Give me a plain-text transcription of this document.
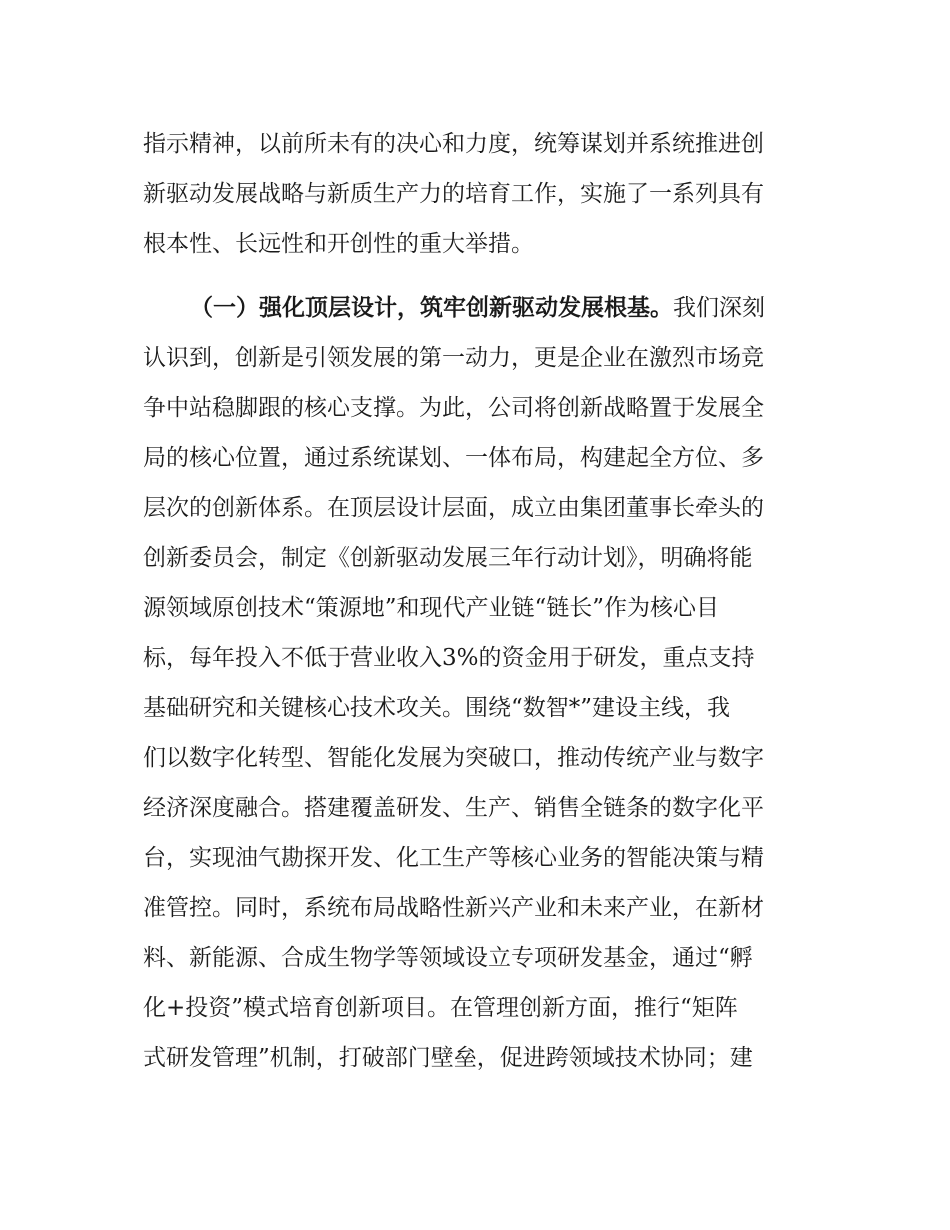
指示精神，以前所未有的决心和力度，统筹谋划并系统推进创
新驱动发展战略与新质生产力的培育工作，实施了一系列具有
根本性、长远性和开创性的重大举措。
（一）强化顶层设计，筑牢创新驱动发展根基。我们深刻
认识到，创新是引领发展的第一动力，更是企业在激烈市场竞
争中站稳脚跟的核心支撑。为此，公司将创新战略置于发展全
局的核心位置，通过系统谋划、一体布局，构建起全方位、多
层次的创新体系。在顶层设计层面，成立由集团董事长牵头的
创新委员会，制定《创新驱动发展三年行动计划》，明确将能
源领域原创技术“策源地”和现代产业链“链长”作为核心目
标，每年投入不低于营业收入3%的资金用于研发，重点支持
基础研究和关键核心技术攻关。围绕“数智*”建设主线，我
们以数字化转型、智能化发展为突破口，推动传统产业与数字
经济深度融合。搭建覆盖研发、生产、销售全链条的数字化平
台，实现油气勘探开发、化工生产等核心业务的智能决策与精
准管控。同时，系统布局战略性新兴产业和未来产业，在新材
料、新能源、合成生物学等领域设立专项研发基金，通过“孵
化+投资”模式培育创新项目。在管理创新方面，推行“矩阵
式研发管理”机制，打破部门壁垒，促进跨领域技术协同；建
